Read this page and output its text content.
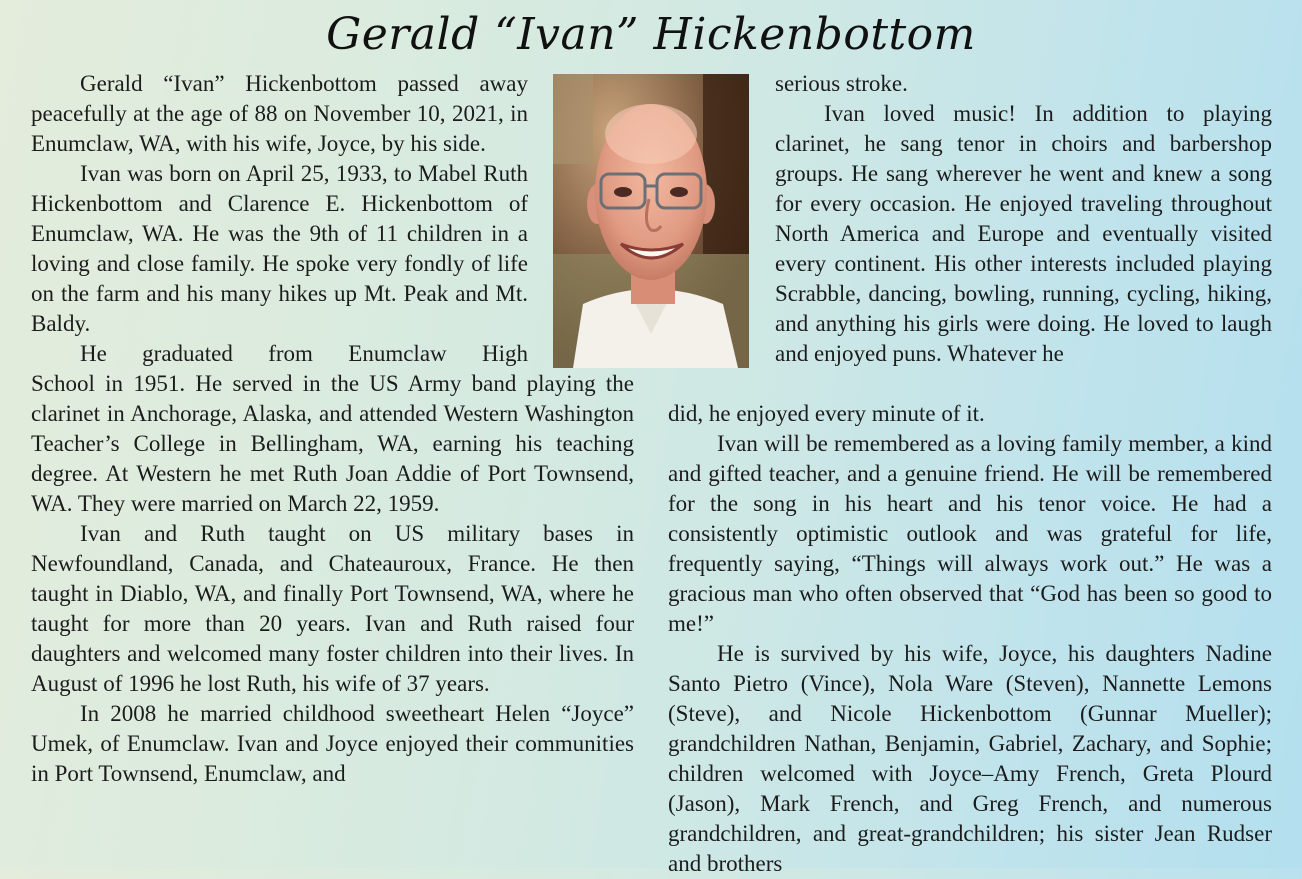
Gerald “Ivan” Hickenbottom

Gerald “Ivan” Hickenbottom passed away peacefully at the age of 88 on November 10, 2021, in Enumclaw, WA, with his wife, Joyce, by his side.

Ivan was born on April 25, 1933, to Mabel Ruth Hickenbottom and Clarence E. Hickenbottom of Enumclaw, WA. He was the 9th of 11 children in a loving and close family. He spoke very fondly of life on the farm and his many hikes up Mt. Peak and Mt. Baldy.

He graduated from Enumclaw High

School in 1951. He served in the US Army band playing the clarinet in Anchorage, Alaska, and attended Western Washington Teacher’s College in Bellingham, WA, earning his teaching degree. At Western he met Ruth Joan Addie of Port Townsend, WA. They were married on March 22, 1959.

Ivan and Ruth taught on US military bases in Newfoundland, Canada, and Chateauroux, France. He then taught in Diablo, WA, and finally Port Townsend, WA, where he taught for more than 20 years. Ivan and Ruth raised four daughters and welcomed many foster children into their lives. In August of 1996 he lost Ruth, his wife of 37 years.

In 2008 he married childhood sweetheart Helen “Joyce” Umek, of Enumclaw. Ivan and Joyce enjoyed their communities in Port Townsend, Enumclaw, and

serious stroke.

Ivan loved music! In addition to playing clarinet, he sang tenor in choirs and barbershop groups. He sang wherever he went and knew a song for every occasion. He enjoyed traveling throughout North America and Europe and eventually visited every continent. His other interests included playing Scrabble, dancing, bowling, running, cycling, hiking, and anything his girls were doing. He loved to laugh and enjoyed puns. Whatever he

did, he enjoyed every minute of it.

Ivan will be remembered as a loving family member, a kind and gifted teacher, and a genuine friend. He will be remembered for the song in his heart and his tenor voice. He had a consistently optimistic outlook and was grateful for life, frequently saying, “Things will always work out.” He was a gracious man who often observed that “God has been so good to me!”

He is survived by his wife, Joyce, his daughters Nadine Santo Pietro (Vince), Nola Ware (Steven), Nannette Lemons (Steve), and Nicole Hickenbottom (Gunnar Mueller); grandchildren Nathan, Benjamin, Gabriel, Zachary, and Sophie; children welcomed with Joyce–Amy French, Greta Plourd (Jason), Mark French, and Greg French, and numerous grandchildren, and great-grandchildren; his sister Jean Rudser and brothers
